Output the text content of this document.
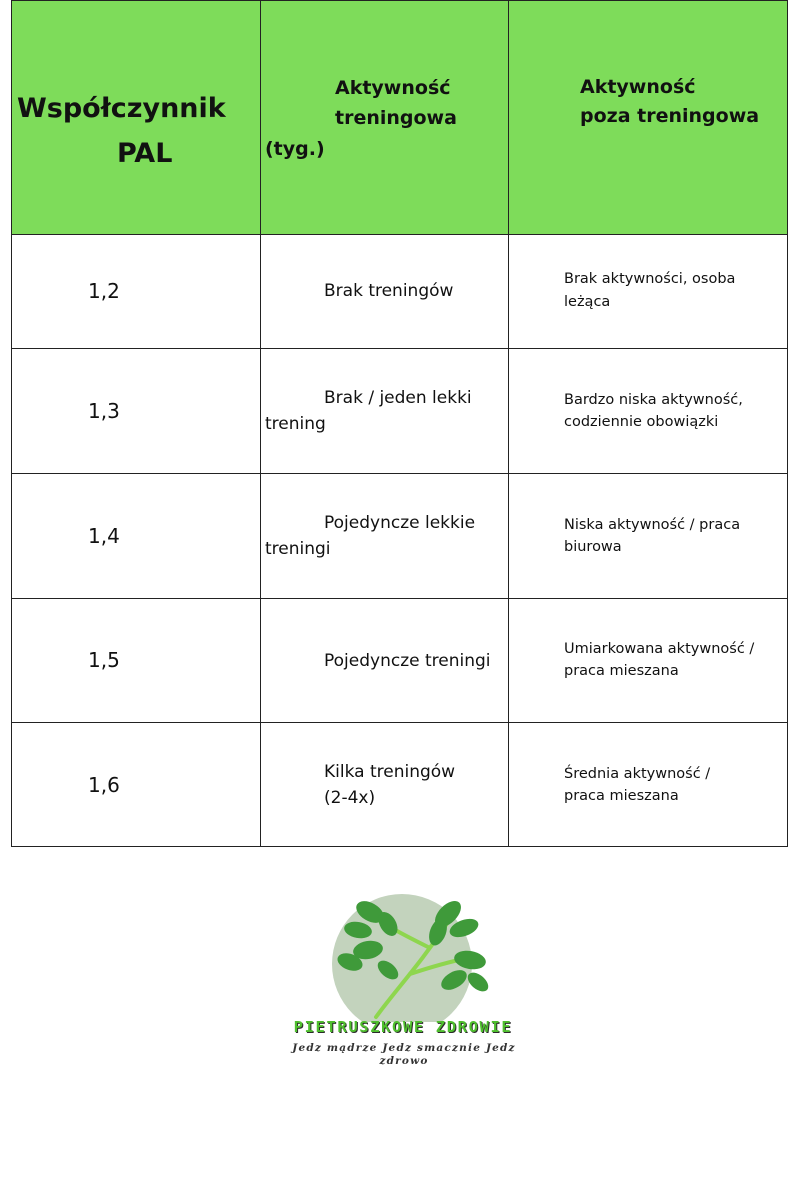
Współczynnik
PAL
Aktywność
treningowa
(tyg.)
Aktywność
poza treningowa
1,2	Brak treningów
Brak aktywności, osoba
leżąca
1,3
Brak / jeden lekki
trening
Bardzo niska aktywność,
codziennie obowiązki
1,4
Pojedyncze lekkie
treningi
Niska aktywność / praca
biurowa
1,5	Pojedyncze treningi
Umiarkowana aktywność /
praca mieszana
1,6
Kilka treningów
(2-4x)
Średnia aktywność /
praca mieszana
PIETRUSZKOWE ZDROWIE
Jedz mądrze Jedz smacznie Jedz
zdrowo
